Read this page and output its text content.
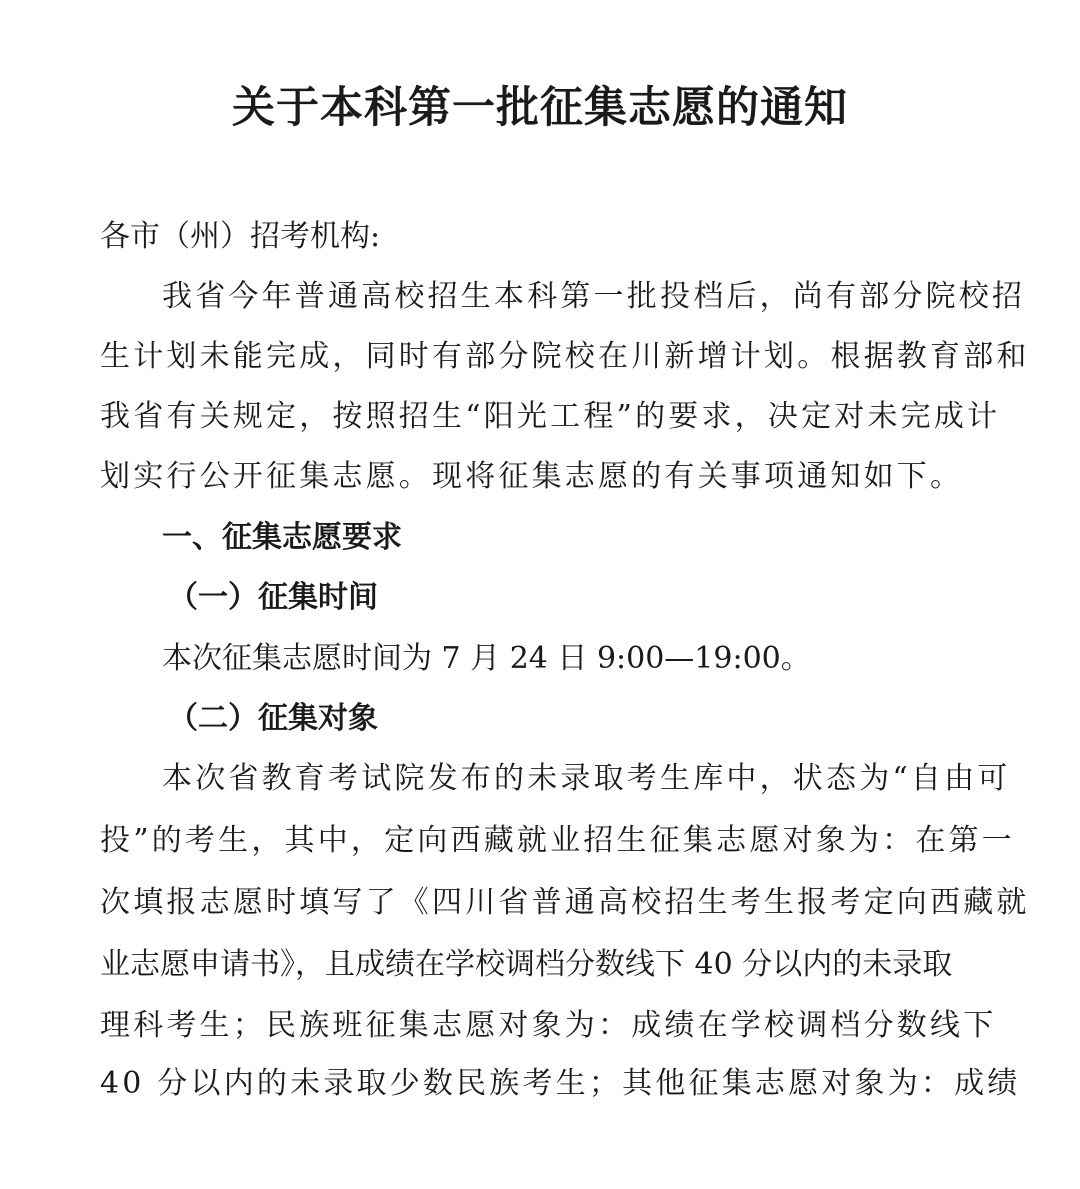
关于本科第一批征集志愿的通知
各市（州）招考机构:
我省今年普通高校招生本科第一批投档后，尚有部分院校招
生计划未能完成，同时有部分院校在川新增计划。根据教育部和
我省有关规定，按照招生“阳光工程”的要求，决定对未完成计
划实行公开征集志愿。现将征集志愿的有关事项通知如下。
一、征集志愿要求
（一）征集时间
本次征集志愿时间为 7 月 24 日 9:00—19:00。
（二）征集对象
本次省教育考试院发布的未录取考生库中，状态为“自由可
投”的考生，其中，定向西藏就业招生征集志愿对象为：在第一
次填报志愿时填写了《四川省普通高校招生考生报考定向西藏就
业志愿申请书》，且成绩在学校调档分数线下 40 分以内的未录取
理科考生；民族班征集志愿对象为：成绩在学校调档分数线下
40 分以内的未录取少数民族考生；其他征集志愿对象为：成绩
